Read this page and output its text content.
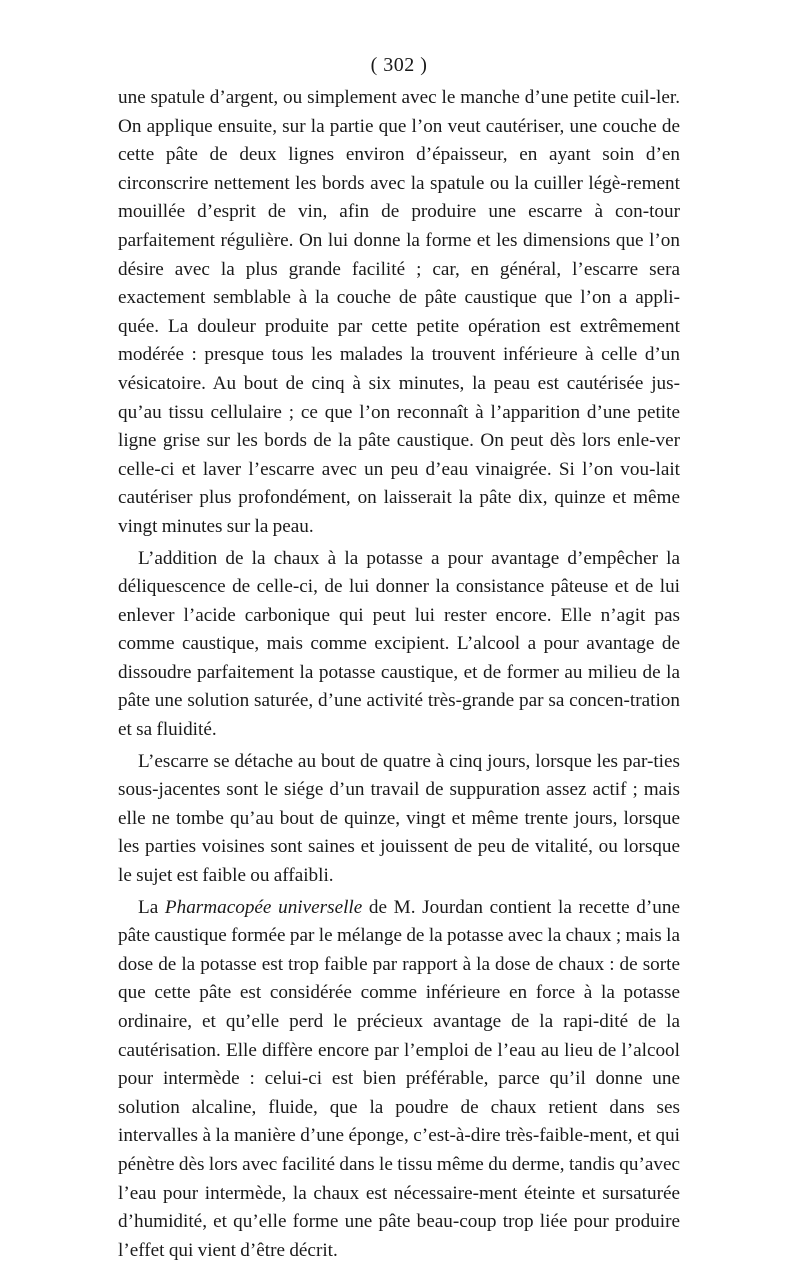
( 302 )

une spatule d’argent, ou simplement avec le manche d’une petite cuil-ler. On applique ensuite, sur la partie que l’on veut cautériser, une couche de cette pâte de deux lignes environ d’épaisseur, en ayant soin d’en circonscrire nettement les bords avec la spatule ou la cuiller légè-rement mouillée d’esprit de vin, afin de produire une escarre à con-tour parfaitement régulière. On lui donne la forme et les dimensions que l’on désire avec la plus grande facilité ; car, en général, l’escarre sera exactement semblable à la couche de pâte caustique que l’on a appli-quée. La douleur produite par cette petite opération est extrêmement modérée : presque tous les malades la trouvent inférieure à celle d’un vésicatoire. Au bout de cinq à six minutes, la peau est cautérisée jus-qu’au tissu cellulaire ; ce que l’on reconnaît à l’apparition d’une petite ligne grise sur les bords de la pâte caustique. On peut dès lors enle-ver celle-ci et laver l’escarre avec un peu d’eau vinaigrée. Si l’on vou-lait cautériser plus profondément, on laisserait la pâte dix, quinze et même vingt minutes sur la peau.

L’addition de la chaux à la potasse a pour avantage d’empêcher la déliquescence de celle-ci, de lui donner la consistance pâteuse et de lui enlever l’acide carbonique qui peut lui rester encore. Elle n’agit pas comme caustique, mais comme excipient. L’alcool a pour avantage de dissoudre parfaitement la potasse caustique, et de former au milieu de la pâte une solution saturée, d’une activité très-grande par sa concen-tration et sa fluidité.

L’escarre se détache au bout de quatre à cinq jours, lorsque les par-ties sous-jacentes sont le siége d’un travail de suppuration assez actif ; mais elle ne tombe qu’au bout de quinze, vingt et même trente jours, lorsque les parties voisines sont saines et jouissent de peu de vitalité, ou lorsque le sujet est faible ou affaibli.

La Pharmacopée universelle de M. Jourdan contient la recette d’une pâte caustique formée par le mélange de la potasse avec la chaux ; mais la dose de la potasse est trop faible par rapport à la dose de chaux : de sorte que cette pâte est considérée comme inférieure en force à la potasse ordinaire, et qu’elle perd le précieux avantage de la rapi-dité de la cautérisation. Elle diffère encore par l’emploi de l’eau au lieu de l’alcool pour intermède : celui-ci est bien préférable, parce qu’il donne une solution alcaline, fluide, que la poudre de chaux retient dans ses intervalles à la manière d’une éponge, c’est-à-dire très-faible-ment, et qui pénètre dès lors avec facilité dans le tissu même du derme, tandis qu’avec l’eau pour intermède, la chaux est nécessaire-ment éteinte et sursaturée d’humidité, et qu’elle forme une pâte beau-coup trop liée pour produire l’effet qui vient d’être décrit.
